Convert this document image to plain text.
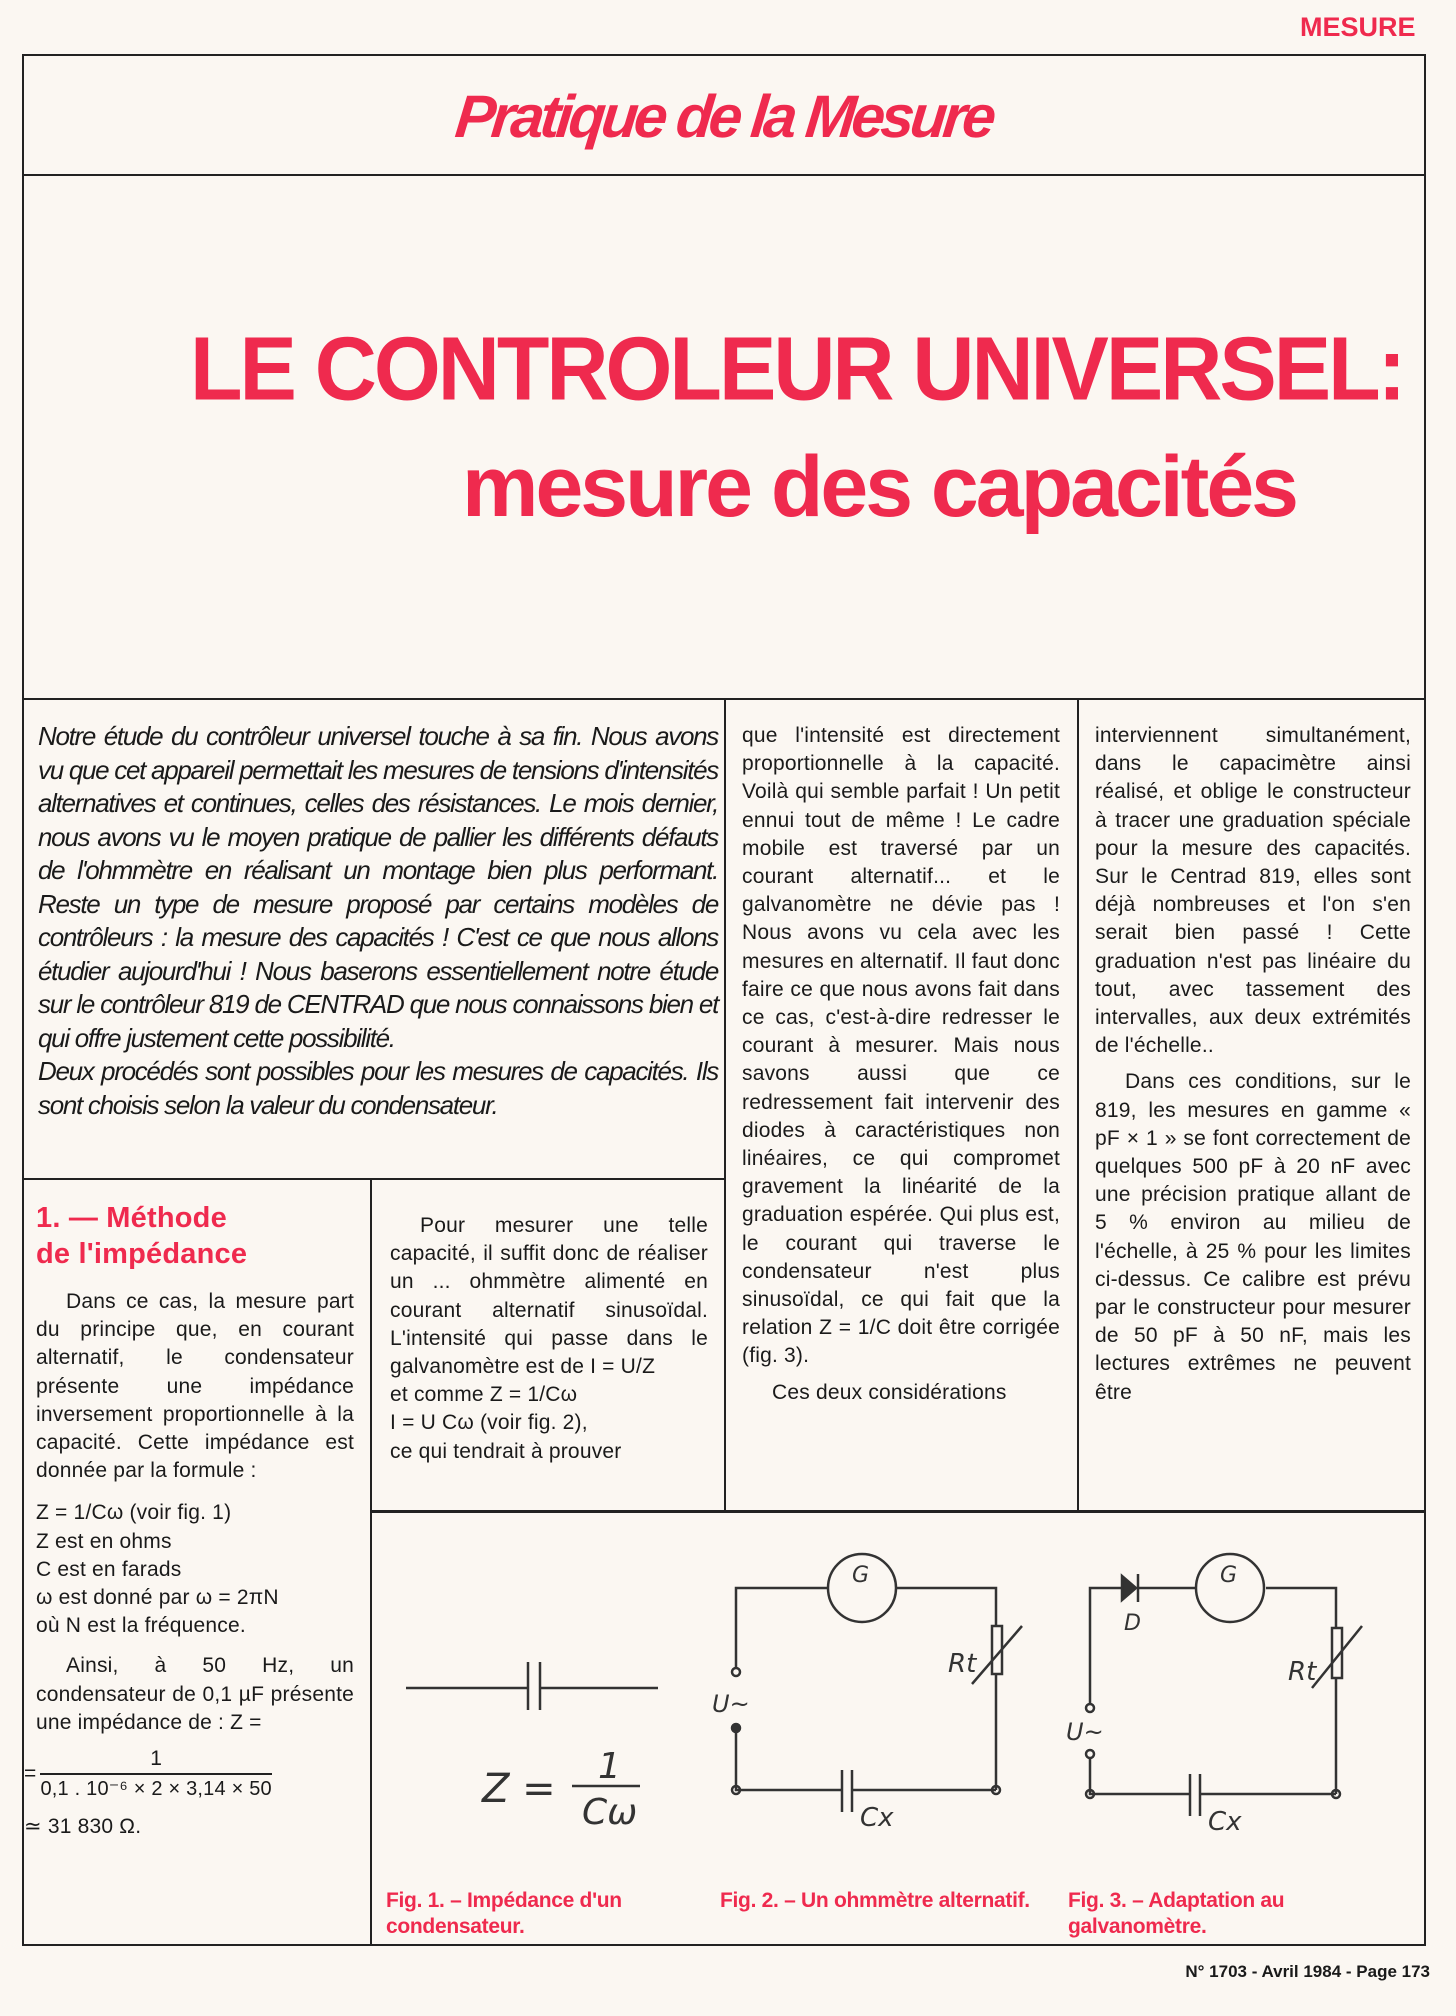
MESURE
Pratique de la Mesure
LE CONTROLEUR UNIVERSEL:
mesure des capacités

Notre étude du contrôleur universel touche à sa fin. Nous avons vu que cet appareil permettait les mesures de tensions d'intensités alternatives et continues, celles des résistances. Le mois dernier, nous avons vu le moyen pratique de pallier les différents défauts de l'ohmmètre en réalisant un montage bien plus performant. Reste un type de mesure proposé par certains modèles de contrôleurs : la mesure des capacités ! C'est ce que nous allons étudier aujourd'hui ! Nous baserons essentiellement notre étude sur le contrôleur 819 de CENTRAD que nous connaissons bien et qui offre justement cette possibilité.

Deux procédés sont possibles pour les mesures de capacités. Ils sont choisis selon la valeur du condensateur.

1. — Méthode
de l'impédance

Dans ce cas, la mesure part du principe que, en courant alternatif, le condensateur présente une impédance inversement proportionnelle à la capacité. Cette impédance est donnée par la formule :

Z = 1/Cω (voir fig. 1)
Z est en ohms
C est en farads
ω est donné par ω = 2πN
où N est la fréquence.

Ainsi, à 50 Hz, un condensateur de 0,1 µF présente une impédance de : Z =

= $\frac{1}{\text{0,1 . 10⁻⁶ × 2 × 3,14 × 50}}$
≃ 31 830 Ω.

Pour mesurer une telle capacité, il suffit donc de réaliser un ... ohmmètre alimenté en courant alternatif sinusoïdal. L'intensité qui passe dans le galvanomètre est de I = U/Z

et comme Z = 1/Cω
I = U Cω (voir fig. 2),
ce qui tendrait à prouver

que l'intensité est directement proportionnelle à la capacité. Voilà qui semble parfait ! Un petit ennui tout de même ! Le cadre mobile est traversé par un courant alternatif... et le galvanomètre ne dévie pas ! Nous avons vu cela avec les mesures en alternatif. Il faut donc faire ce que nous avons fait dans ce cas, c'est-à-dire redresser le courant à mesurer. Mais nous savons aussi que ce redressement fait intervenir des diodes à caractéristiques non linéaires, ce qui compromet gravement la linéarité de la graduation espérée. Qui plus est, le courant qui traverse le condensateur n'est plus sinusoïdal, ce qui fait que la relation Z = 1/C doit être corrigée (fig. 3).

Ces deux considérations

interviennent simultanément, dans le capacimètre ainsi réalisé, et oblige le constructeur à tracer une graduation spéciale pour la mesure des capacités. Sur le Centrad 819, elles sont déjà nombreuses et l'on s'en serait bien passé ! Cette graduation n'est pas linéaire du tout, avec tassement des intervalles, aux deux extrémités de l'échelle..

Dans ces conditions, sur le 819, les mesures en gamme « pF × 1 » se font correctement de quelques 500 pF à 20 nF avec une précision pratique allant de 5 % environ au milieu de l'échelle, à 25 % pour les limites ci-dessus. Ce calibre est prévu par le constructeur pour mesurer de 50 pF à 50 nF, mais les lectures extrêmes ne peuvent être

Z = 1
Cω
G
U~
Rt
Cx
G
D
U~
Rt
Cx
Fig. 1. – Impédance d'un condensateur.
Fig. 2. – Un ohmmètre alternatif. Fig. 3. – Adaptation au galvanomètre.
N° 1703 - Avril 1984 - Page 173
